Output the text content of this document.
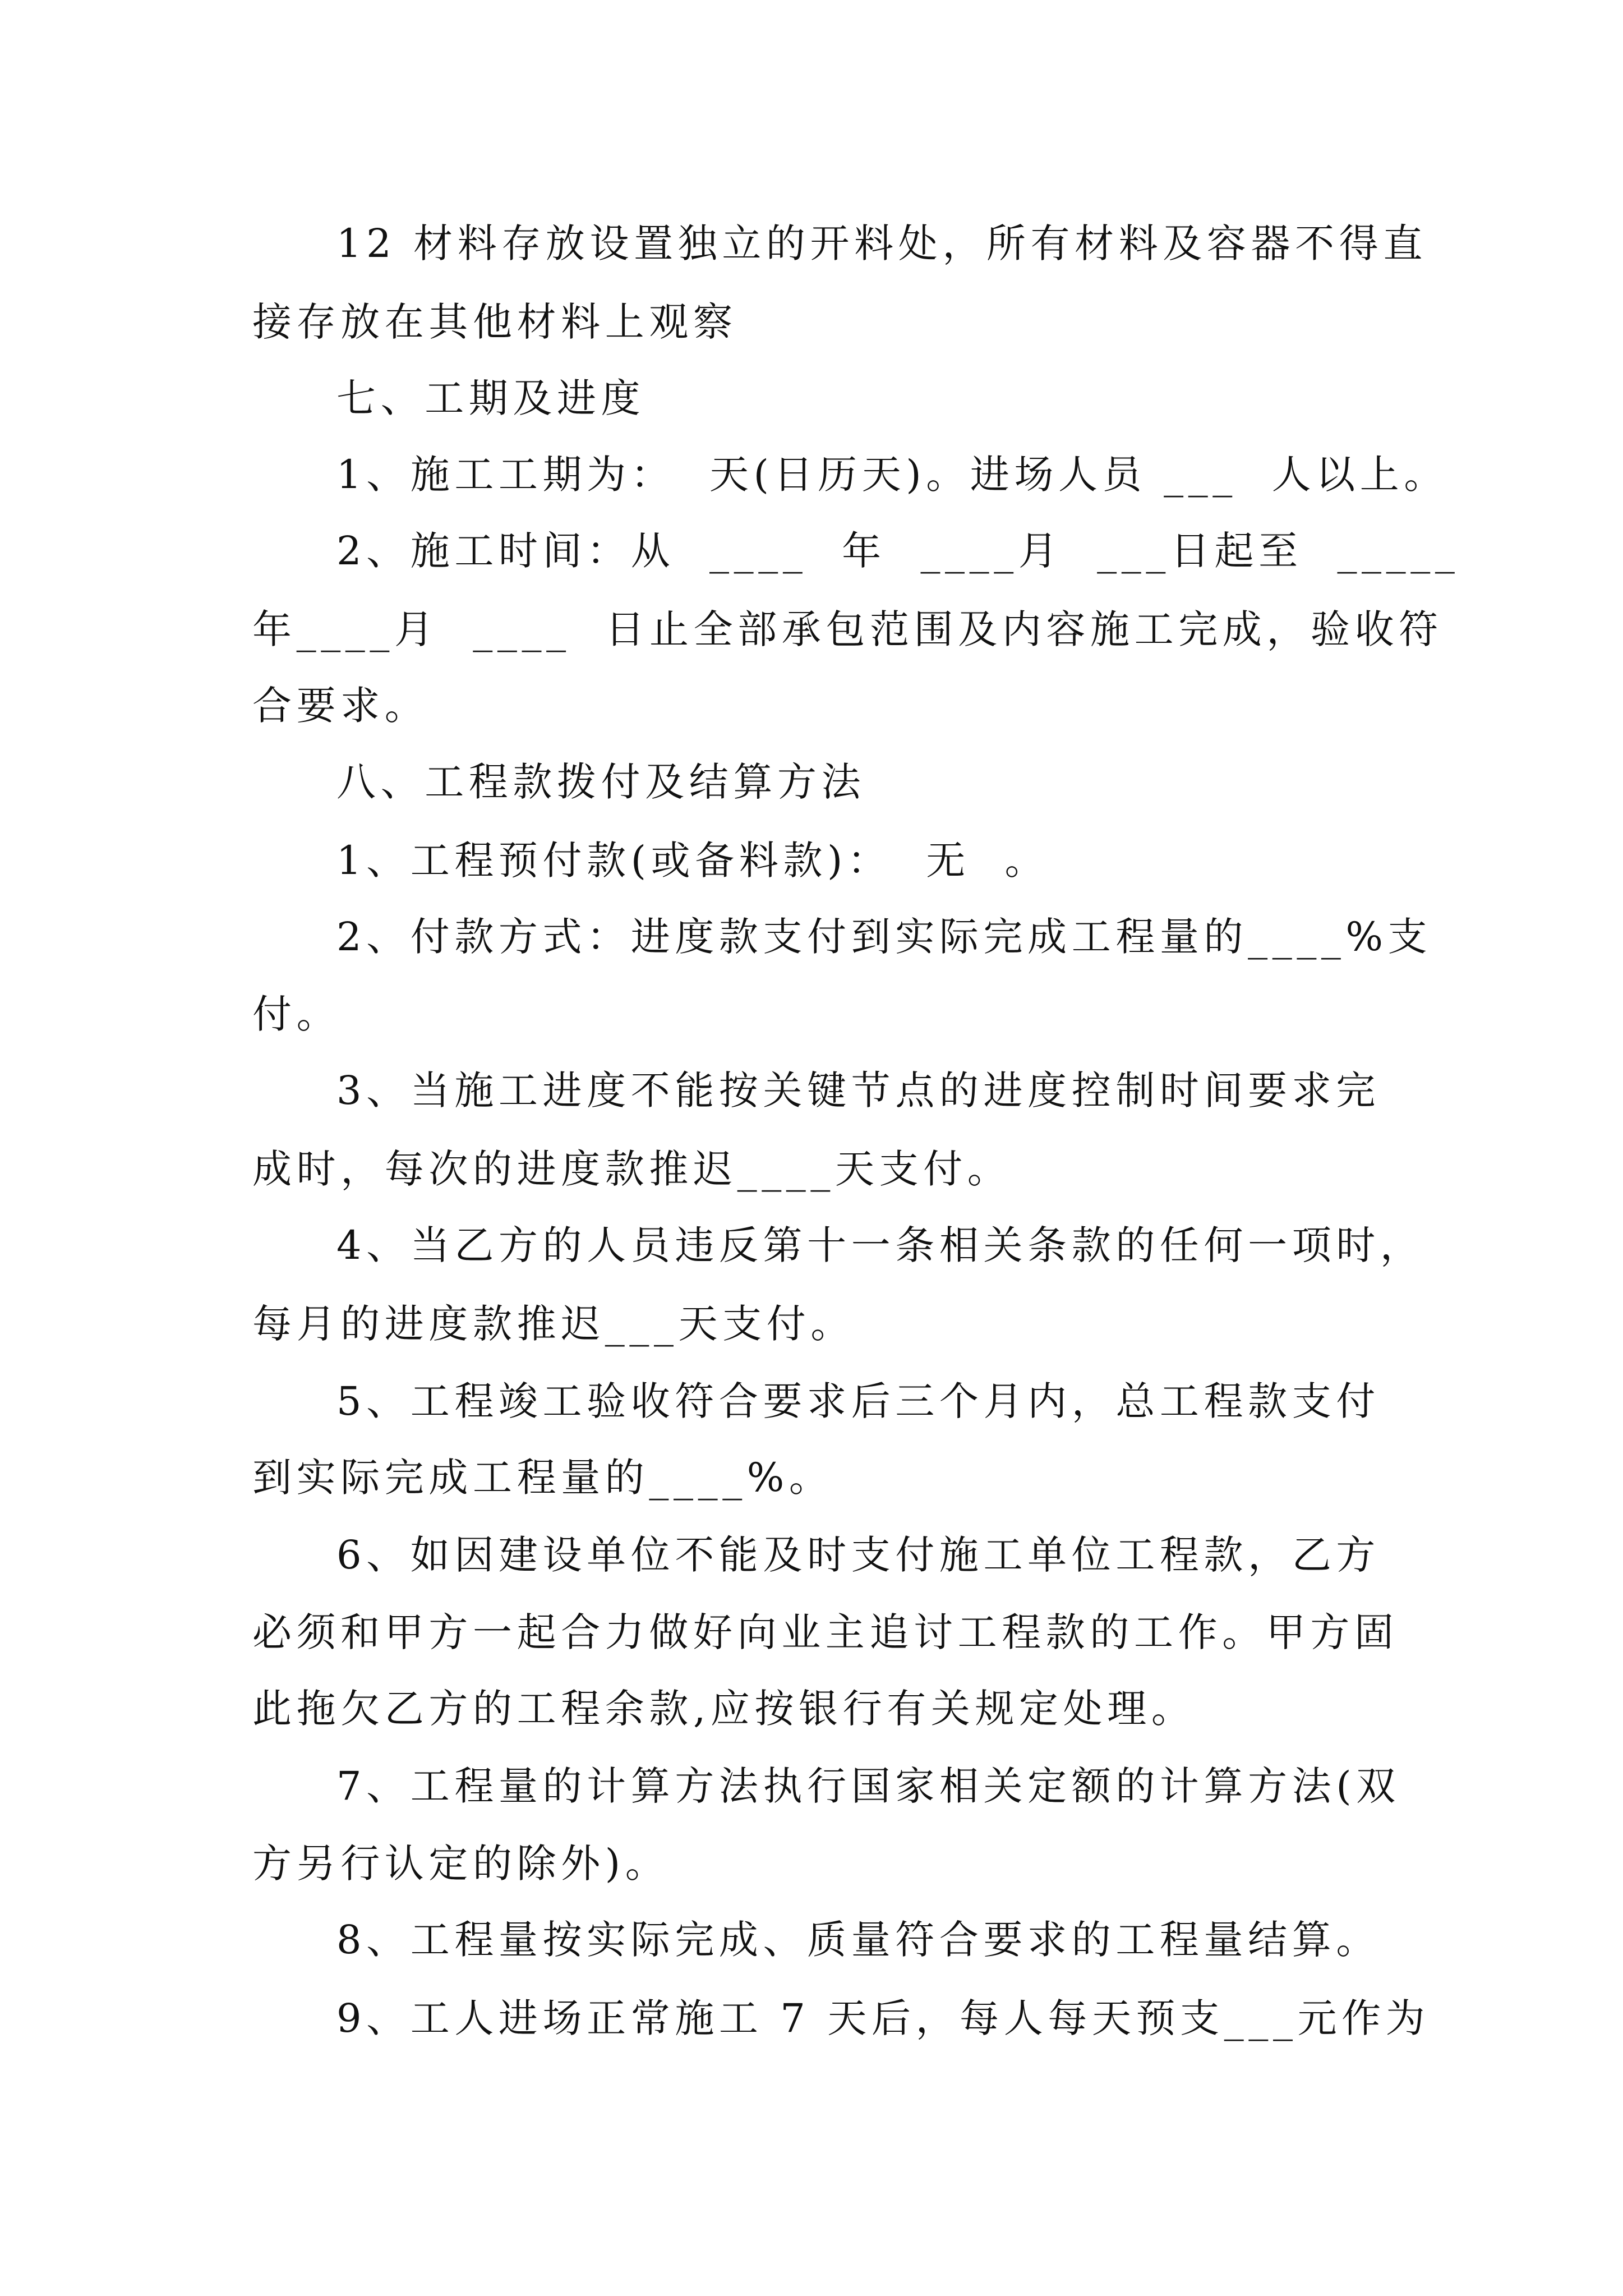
12 材料存放设置独立的开料处，所有材料及容器不得直
接存放在其他材料上观察
七、工期及进度
1、施工工期为：  天(日历天)。进场人员 ___  人以上。
2、施工时间：从  ____  年  ____月  ___日起至  _____
年____月  ____  日止全部承包范围及内容施工完成，验收符
合要求。
八、工程款拨付及结算方法
1、工程预付款(或备料款)：  无  。
2、付款方式：进度款支付到实际完成工程量的____%支
付。
3、当施工进度不能按关键节点的进度控制时间要求完
成时，每次的进度款推迟____天支付。
4、当乙方的人员违反第十一条相关条款的任何一项时，
每月的进度款推迟___天支付。
5、工程竣工验收符合要求后三个月内，总工程款支付
到实际完成工程量的____%。
6、如因建设单位不能及时支付施工单位工程款，乙方
必须和甲方一起合力做好向业主追讨工程款的工作。甲方固
此拖欠乙方的工程余款,应按银行有关规定处理。
7、工程量的计算方法执行国家相关定额的计算方法(双
方另行认定的除外)。
8、工程量按实际完成、质量符合要求的工程量结算。
9、工人进场正常施工 7 天后，每人每天预支___元作为
